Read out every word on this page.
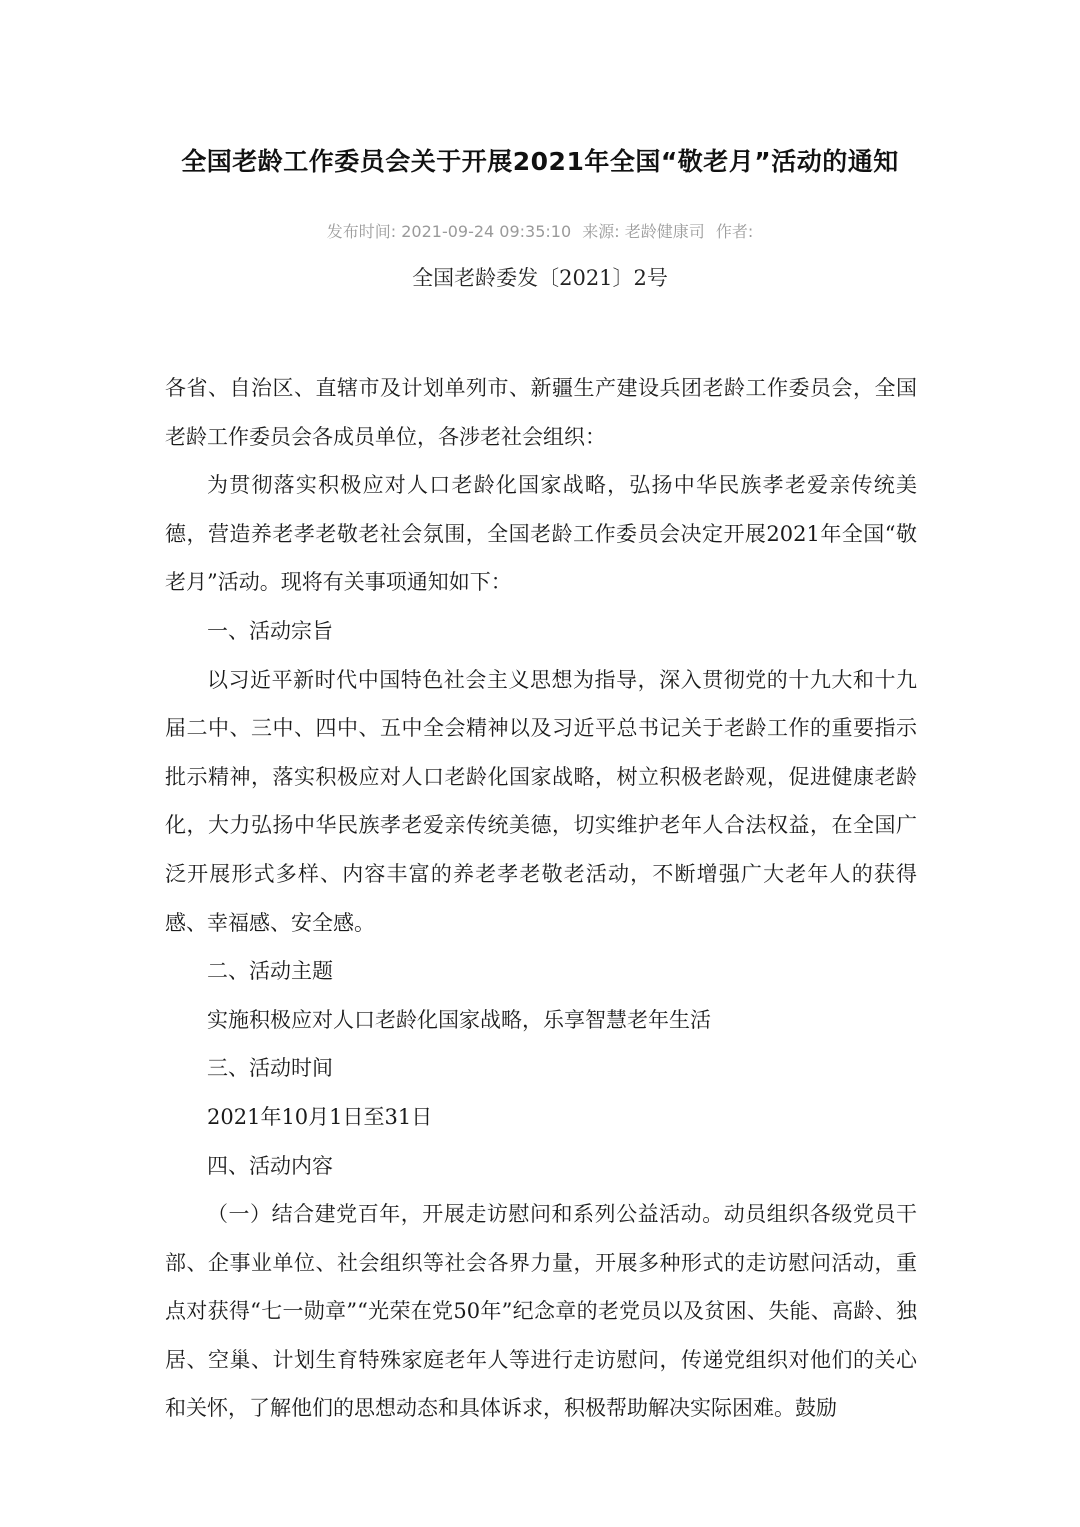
全国老龄工作委员会关于开展2021年全国“敬老月”活动的通知
发布时间: 2021-09-24 09:35:10 来源: 老龄健康司 作者:
全国老龄委发〔2021〕2号

各省、自治区、直辖市及计划单列市、新疆生产建设兵团老龄工作委员会，全国老龄工作委员会各成员单位，各涉老社会组织：

为贯彻落实积极应对人口老龄化国家战略，弘扬中华民族孝老爱亲传统美德，营造养老孝老敬老社会氛围，全国老龄工作委员会决定开展2021年全国“敬老月”活动。现将有关事项通知如下：

一、活动宗旨

以习近平新时代中国特色社会主义思想为指导，深入贯彻党的十九大和十九届二中、三中、四中、五中全会精神以及习近平总书记关于老龄工作的重要指示批示精神，落实积极应对人口老龄化国家战略，树立积极老龄观，促进健康老龄化，大力弘扬中华民族孝老爱亲传统美德，切实维护老年人合法权益，在全国广泛开展形式多样、内容丰富的养老孝老敬老活动，不断增强广大老年人的获得感、幸福感、安全感。

二、活动主题

实施积极应对人口老龄化国家战略，乐享智慧老年生活

三、活动时间

2021年10月1日至31日

四、活动内容

（一）结合建党百年，开展走访慰问和系列公益活动。动员组织各级党员干部、企事业单位、社会组织等社会各界力量，开展多种形式的走访慰问活动，重点对获得“七一勋章”“光荣在党50年”纪念章的老党员以及贫困、失能、高龄、独居、空巢、计划生育特殊家庭老年人等进行走访慰问，传递党组织对他们的关心和关怀，了解他们的思想动态和具体诉求，积极帮助解决实际困难。鼓励
